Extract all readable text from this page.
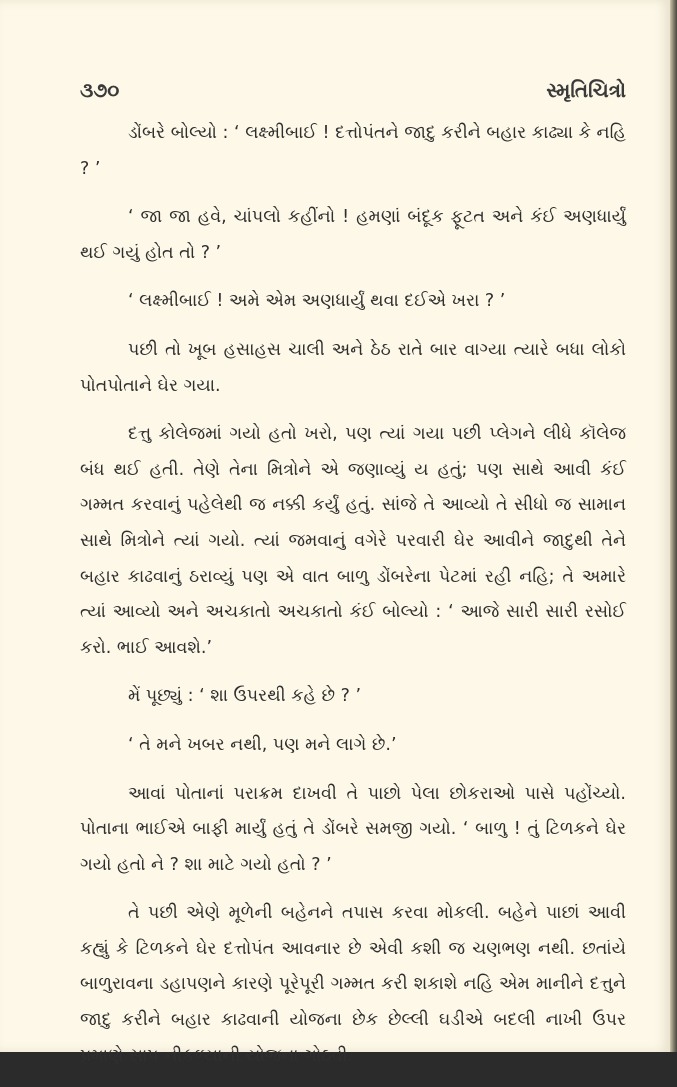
૩૭૦	સ્મૃતિચિત્રો

ડોંબરે બોલ્યો : ‘ લક્ષ્મીબાઈ ! દત્તોપંતને જાદુ કરીને બહાર કાઢ્યા કે નહિ ? ’

‘ જા જા હવે, ચાંપલો કહીંનો ! હમણાં બંદૂક ફૂટત અને કંઈ અણધાર્યું થઈ ગયું હોત તો ? ’

‘ લક્ષ્મીબાઈ ! અમે એમ અણધાર્યું થવા દઈએ ખરા ? ’

પછી તો ખૂબ હસાહસ ચાલી અને ઠેઠ રાતે બાર વાગ્યા ત્યારે બધા લોકો પોતપોતાને ઘેર ગયા.

દત્તુ કોલેજમાં ગયો હતો ખરો, પણ ત્યાં ગયા પછી પ્લેગને લીધે કૉલેજ બંધ થઈ હતી. તેણે તેના મિત્રોને એ જણાવ્યું ય હતું; પણ સાથે આવી કંઈ ગમ્મત કરવાનું પહેલેથી જ નક્કી કર્યું હતું. સાંજે તે આવ્યો તે સીધો જ સામાન સાથે મિત્રોને ત્યાં ગયો. ત્યાં જમવાનું વગેરે પરવારી ઘેર આવીને જાદુથી તેને બહાર કાઢવાનું ઠરાવ્યું પણ એ વાત બાળુ ડોંબરેના પેટમાં રહી નહિ; તે અમારે ત્યાં આવ્યો અને અચકાતો અચકાતો કંઈ બોલ્યો : ‘ આજે સારી સારી રસોઈ કરો. ભાઈ આવશે.’

મેં પૂછ્યું : ‘ શા ઉપરથી કહે છે ? ’

‘ તે મને ખબર નથી, પણ મને લાગે છે.’

આવાં પોતાનાં પરાક્રમ દાખવી તે પાછો પેલા છોકરાઓ પાસે પહોંચ્યો. પોતાના ભાઈએ બાફી માર્યું હતું તે ડોંબરે સમજી ગયો. ‘ બાળુ ! તું ટિળકને ઘેર ગયો હતો ને ? શા માટે ગયો હતો ? ’

તે પછી એણે મૂળેની બહેનને તપાસ કરવા મોકલી. બહેને પાછાં આવી કહ્યું કે ટિળકને ઘેર દત્તોપંત આવનાર છે એવી કશી જ ચણભણ નથી. છતાંયે બાળુરાવના ડહાપણને કારણે પૂરેપૂરી ગમ્મત કરી શકાશે નહિ એમ માનીને દત્તુને જાદુ કરીને બહાર કાઢવાની યોજના છેક છેલ્લી ઘડીએ બદલી નાખી ઉપર પ્રમાણે સાપ નીકળ્યાની યોજના ગોઠવી.
